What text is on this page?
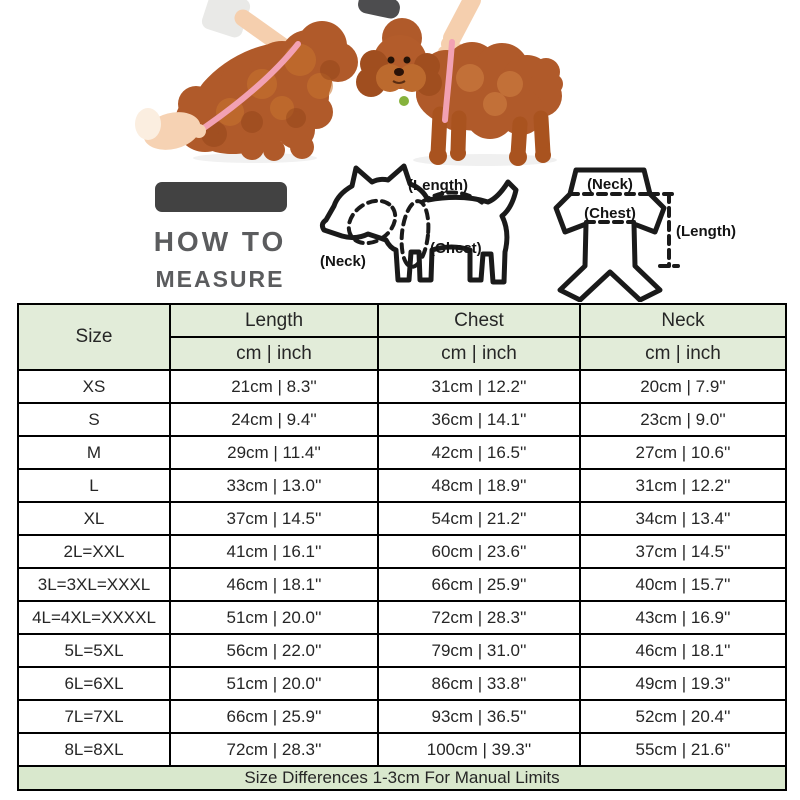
HOW TO
MEASURE
(Length)
(Chest)
(Neck)
(Neck)
(Chest)
(Length)
Size	Length	Chest	Neck
	cm | inch	cm | inch	cm | inch
XS	21cm | 8.3''	31cm | 12.2''	20cm | 7.9''
S	24cm | 9.4''	36cm | 14.1''	23cm | 9.0''
M	29cm | 11.4''	42cm | 16.5''	27cm | 10.6''
L	33cm | 13.0''	48cm | 18.9''	31cm | 12.2''
XL	37cm | 14.5''	54cm | 21.2''	34cm | 13.4''
2L=XXL	41cm | 16.1''	60cm | 23.6''	37cm | 14.5''
3L=3XL=XXXL	46cm | 18.1''	66cm | 25.9''	40cm | 15.7''
4L=4XL=XXXXL	51cm | 20.0''	72cm | 28.3''	43cm | 16.9''
5L=5XL	56cm | 22.0''	79cm | 31.0''	46cm | 18.1''
6L=6XL	51cm | 20.0''	86cm | 33.8''	49cm | 19.3''
7L=7XL	66cm | 25.9''	93cm | 36.5''	52cm | 20.4''
8L=8XL	72cm | 28.3''	100cm | 39.3''	55cm | 21.6''
Size Differences 1-3cm For Manual Limits			
